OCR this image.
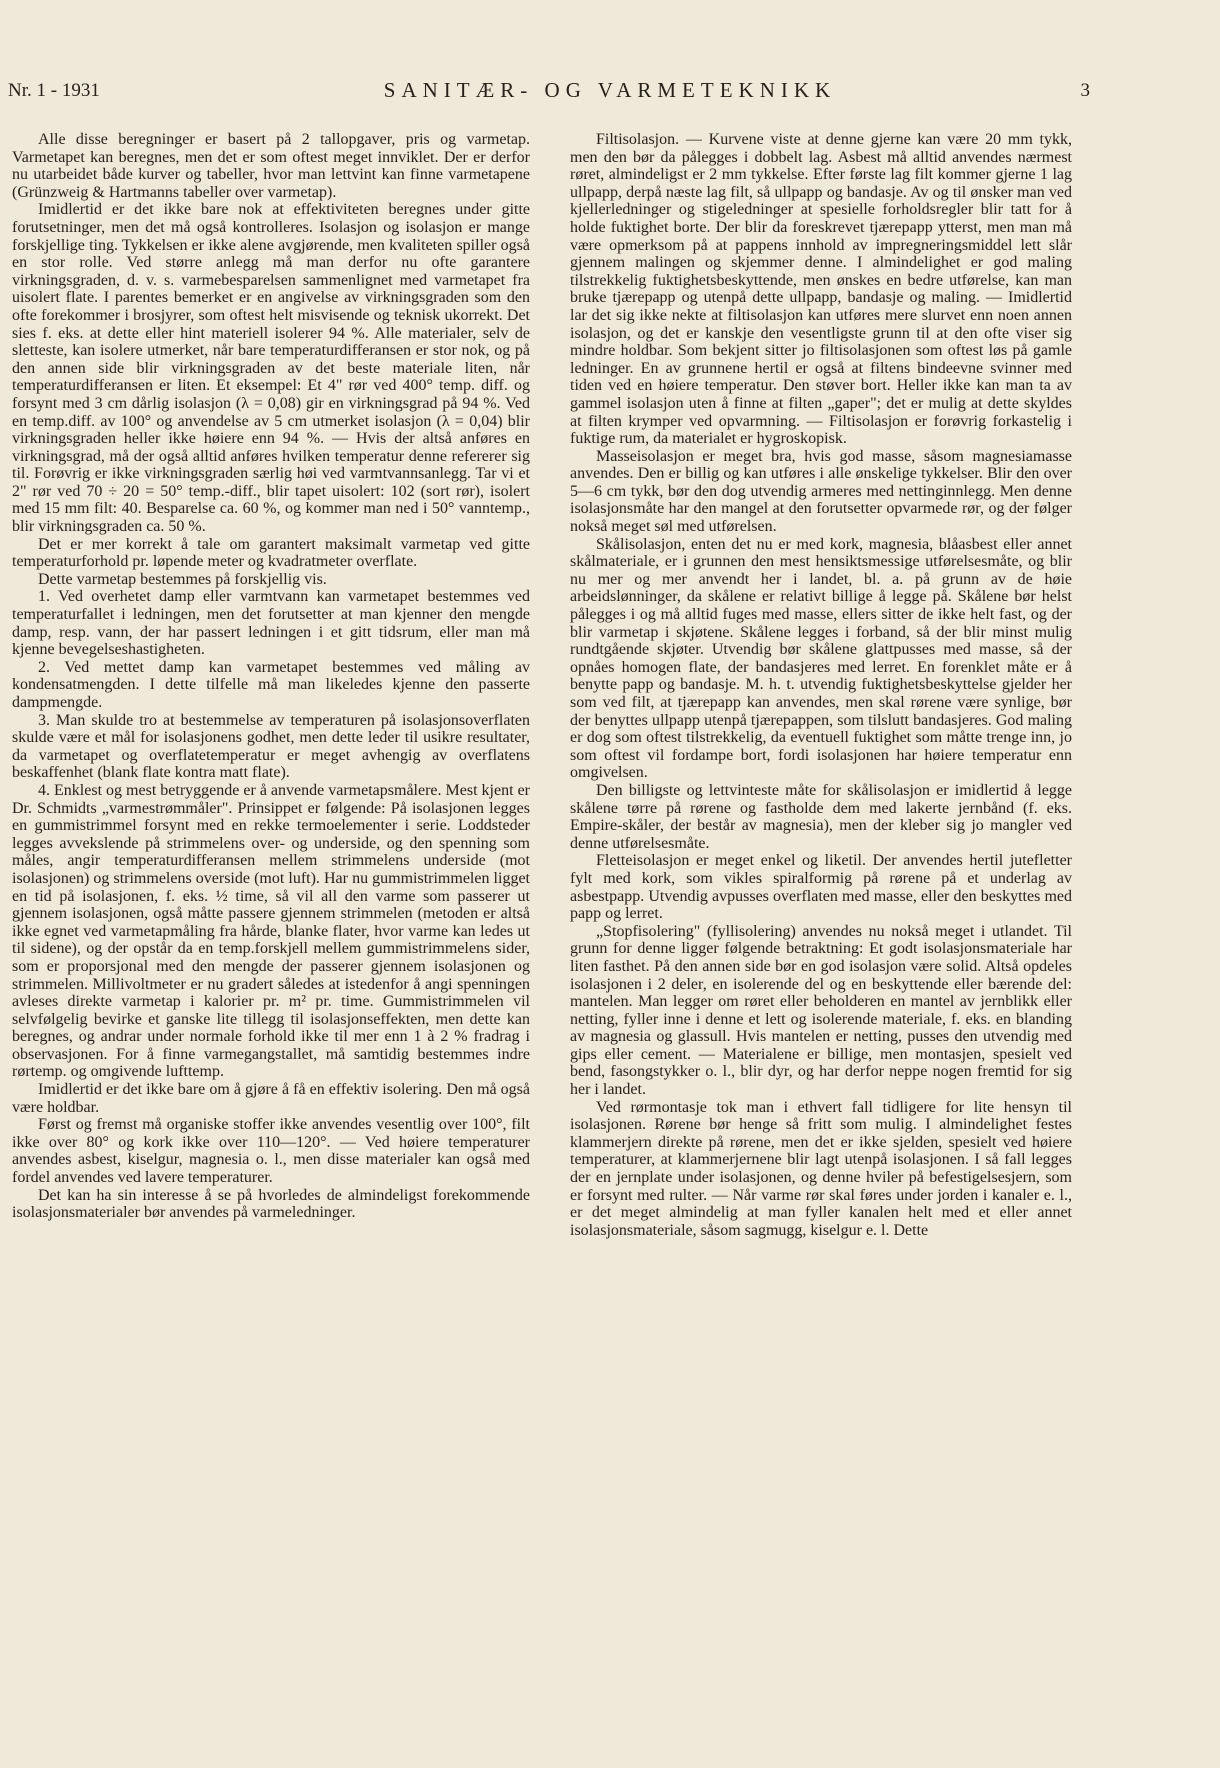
Nr. 1 - 1931	SANITÆR- OG VARMETEKNIKK	3

Alle disse beregninger er basert på 2 tallopgaver, pris og varmetap. Varmetapet kan beregnes, men det er som oftest meget innviklet. Der er derfor nu utarbeidet både kurver og tabeller, hvor man lettvint kan finne varmetapene (Grünzweig & Hartmanns tabeller over varmetap).

Imidlertid er det ikke bare nok at effektiviteten beregnes under gitte forutsetninger, men det må også kontrolleres. Isolasjon og isolasjon er mange forskjellige ting. Tykkelsen er ikke alene avgjørende, men kvaliteten spiller også en stor rolle. Ved større anlegg må man derfor nu ofte garantere virkningsgraden, d. v. s. varmebesparelsen sammenlignet med varmetapet fra uisolert flate. I parentes bemerket er en angivelse av virkningsgraden som den ofte forekommer i brosjyrer, som oftest helt misvisende og teknisk ukorrekt. Det sies f. eks. at dette eller hint materiell isolerer 94 %. Alle materialer, selv de sletteste, kan isolere utmerket, når bare temperaturdifferansen er stor nok, og på den annen side blir virkningsgraden av det beste materiale liten, når temperaturdifferansen er liten. Et eksempel: Et 4" rør ved 400° temp. diff. og forsynt med 3 cm dårlig isolasjon (λ = 0,08) gir en virkningsgrad på 94 %. Ved en temp.diff. av 100° og anvendelse av 5 cm utmerket isolasjon (λ = 0,04) blir virkningsgraden heller ikke høiere enn 94 %. — Hvis der altså anføres en virkningsgrad, må der også alltid anføres hvilken temperatur denne refererer sig til. Forøvrig er ikke virkningsgraden særlig høi ved varmtvannsanlegg. Tar vi et 2" rør ved 70 ÷ 20 = 50° temp.-diff., blir tapet uisolert: 102 (sort rør), isolert med 15 mm filt: 40. Besparelse ca. 60 %, og kommer man ned i 50° vanntemp., blir virkningsgraden ca. 50 %.

Det er mer korrekt å tale om garantert maksimalt varmetap ved gitte temperaturforhold pr. løpende meter og kvadratmeter overflate.

Dette varmetap bestemmes på forskjellig vis.

1. Ved overhetet damp eller varmtvann kan varmetapet bestemmes ved temperaturfallet i ledningen, men det forutsetter at man kjenner den mengde damp, resp. vann, der har passert ledningen i et gitt tidsrum, eller man må kjenne bevegelseshastigheten.

2. Ved mettet damp kan varmetapet bestemmes ved måling av kondensatmengden. I dette tilfelle må man likeledes kjenne den passerte dampmengde.

3. Man skulde tro at bestemmelse av temperaturen på isolasjonsoverflaten skulde være et mål for isolasjonens godhet, men dette leder til usikre resultater, da varmetapet og overflatetemperatur er meget avhengig av overflatens beskaffenhet (blank flate kontra matt flate).

4. Enklest og mest betryggende er å anvende varmetapsmålere. Mest kjent er Dr. Schmidts „varmestrømmåler". Prinsippet er følgende: På isolasjonen legges en gummistrimmel forsynt med en rekke termoelementer i serie. Loddsteder legges avvekslende på strimmelens over- og underside, og den spenning som måles, angir temperaturdifferansen mellem strimmelens underside (mot isolasjonen) og strimmelens overside (mot luft). Har nu gummistrimmelen ligget en tid på isolasjonen, f. eks. ½ time, så vil all den varme som passerer ut gjennem isolasjonen, også måtte passere gjennem strimmelen (metoden er altså ikke egnet ved varmetapmåling fra hårde, blanke flater, hvor varme kan ledes ut til sidene), og der opstår da en temp.forskjell mellem gummistrimmelens sider, som er proporsjonal med den mengde der passerer gjennem isolasjonen og strimmelen. Millivoltmeter er nu gradert således at istedenfor å angi spenningen avleses direkte varmetap i kalorier pr. m² pr. time. Gummistrimmelen vil selvfølgelig bevirke et ganske lite tillegg til isolasjonseffekten, men dette kan beregnes, og andrar under normale forhold ikke til mer enn 1 à 2 % fradrag i observasjonen. For å finne varmegangstallet, må samtidig bestemmes indre rørtemp. og omgivende lufttemp.

Imidlertid er det ikke bare om å gjøre å få en effektiv isolering. Den må også være holdbar.

Først og fremst må organiske stoffer ikke anvendes vesentlig over 100°, filt ikke over 80° og kork ikke over 110—120°. — Ved høiere temperaturer anvendes asbest, kiselgur, magnesia o. l., men disse materialer kan også med fordel anvendes ved lavere temperaturer.

Det kan ha sin interesse å se på hvorledes de almindeligst forekommende isolasjonsmaterialer bør anvendes på varmeledninger.

Filtisolasjon. — Kurvene viste at denne gjerne kan være 20 mm tykk, men den bør da pålegges i dobbelt lag. Asbest må alltid anvendes nærmest røret, almindeligst er 2 mm tykkelse. Efter første lag filt kommer gjerne 1 lag ullpapp, derpå næste lag filt, så ullpapp og bandasje. Av og til ønsker man ved kjellerledninger og stigeledninger at spesielle forholdsregler blir tatt for å holde fuktighet borte. Der blir da foreskrevet tjærepapp ytterst, men man må være opmerksom på at pappens innhold av impregneringsmiddel lett slår gjennem malingen og skjemmer denne. I almindelighet er god maling tilstrekkelig fuktighetsbeskyttende, men ønskes en bedre utførelse, kan man bruke tjærepapp og utenpå dette ullpapp, bandasje og maling. — Imidlertid lar det sig ikke nekte at filtisolasjon kan utføres mere slurvet enn noen annen isolasjon, og det er kanskje den vesentligste grunn til at den ofte viser sig mindre holdbar. Som bekjent sitter jo filtisolasjonen som oftest løs på gamle ledninger. En av grunnene hertil er også at filtens bindeevne svinner med tiden ved en høiere temperatur. Den støver bort. Heller ikke kan man ta av gammel isolasjon uten å finne at filten „gaper"; det er mulig at dette skyldes at filten krymper ved opvarmning. — Filtisolasjon er forøvrig forkastelig i fuktige rum, da materialet er hygroskopisk.

Masseisolasjon er meget bra, hvis god masse, såsom magnesiamasse anvendes. Den er billig og kan utføres i alle ønskelige tykkelser. Blir den over 5—6 cm tykk, bør den dog utvendig armeres med nettinginnlegg. Men denne isolasjonsmåte har den mangel at den forutsetter opvarmede rør, og der følger nokså meget søl med utførelsen.

Skålisolasjon, enten det nu er med kork, magnesia, blåasbest eller annet skålmateriale, er i grunnen den mest hensiktsmessige utførelsesmåte, og blir nu mer og mer anvendt her i landet, bl. a. på grunn av de høie arbeidslønninger, da skålene er relativt billige å legge på. Skålene bør helst pålegges i og må alltid fuges med masse, ellers sitter de ikke helt fast, og der blir varmetap i skjøtene. Skålene legges i forband, så der blir minst mulig rundtgående skjøter. Utvendig bør skålene glattpusses med masse, så der opnåes homogen flate, der bandasjeres med lerret. En forenklet måte er å benytte papp og bandasje. M. h. t. utvendig fuktighetsbeskyttelse gjelder her som ved filt, at tjærepapp kan anvendes, men skal rørene være synlige, bør der benyttes ullpapp utenpå tjærepappen, som tilslutt bandasjeres. God maling er dog som oftest tilstrekkelig, da eventuell fuktighet som måtte trenge inn, jo som oftest vil fordampe bort, fordi isolasjonen har høiere temperatur enn omgivelsen.

Den billigste og lettvinteste måte for skålisolasjon er imidlertid å legge skålene tørre på rørene og fastholde dem med lakerte jernbånd (f. eks. Empire-skåler, der består av magnesia), men der kleber sig jo mangler ved denne utførelsesmåte.

Fletteisolasjon er meget enkel og liketil. Der anvendes hertil jutefletter fylt med kork, som vikles spiralformig på rørene på et underlag av asbestpapp. Utvendig avpusses overflaten med masse, eller den beskyttes med papp og lerret.

„Stopfisolering" (fyllisolering) anvendes nu nokså meget i utlandet. Til grunn for denne ligger følgende betraktning: Et godt isolasjonsmateriale har liten fasthet. På den annen side bør en god isolasjon være solid. Altså opdeles isolasjonen i 2 deler, en isolerende del og en beskyttende eller bærende del: mantelen. Man legger om røret eller beholderen en mantel av jernblikk eller netting, fyller inne i denne et lett og isolerende materiale, f. eks. en blanding av magnesia og glassull. Hvis mantelen er netting, pusses den utvendig med gips eller cement. — Materialene er billige, men montasjen, spesielt ved bend, fasongstykker o. l., blir dyr, og har derfor neppe nogen fremtid for sig her i landet.

Ved rørmontasje tok man i ethvert fall tidligere for lite hensyn til isolasjonen. Rørene bør henge så fritt som mulig. I almindelighet festes klammerjern direkte på rørene, men det er ikke sjelden, spesielt ved høiere temperaturer, at klammerjernene blir lagt utenpå isolasjonen. I så fall legges der en jernplate under isolasjonen, og denne hviler på befestigelsesjern, som er forsynt med rulter. — Når varme rør skal føres under jorden i kanaler e. l., er det meget almindelig at man fyller kanalen helt med et eller annet isolasjonsmateriale, såsom sagmugg, kiselgur e. l. Dette
